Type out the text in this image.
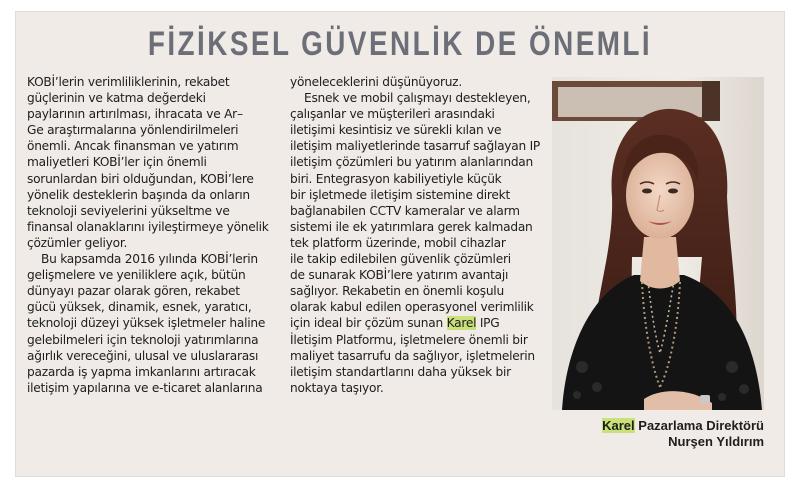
FİZİKSEL GÜVENLİK DE ÖNEMLİ
KOBİ’lerin verimliliklerinin, rekabet
güçlerinin ve katma değerdeki
paylarının artırılması, ihracata ve Ar–
Ge araştırmalarına yönlendirilmeleri
önemli. Ancak finansman ve yatırım
maliyetleri KOBİ’ler için önemli
sorunlardan biri olduğundan, KOBİ’lere
yönelik desteklerin başında da onların
teknoloji seviyelerini yükseltme ve
finansal olanaklarını iyileştirmeye yönelik
çözümler geliyor.
Bu kapsamda 2016 yılında KOBİ’lerin
gelişmelere ve yeniliklere açık, bütün
dünyayı pazar olarak gören, rekabet
gücü yüksek, dinamik, esnek, yaratıcı,
teknoloji düzeyi yüksek işletmeler haline
gelebilmeleri için teknoloji yatırımlarına
ağırlık vereceğini, ulusal ve uluslararası
pazarda iş yapma imkanlarını artıracak
iletişim yapılarına ve e-ticaret alanlarına
yöneleceklerini düşünüyoruz.
Esnek ve mobil çalışmayı destekleyen,
çalışanlar ve müşterileri arasındaki
iletişimi kesintisiz ve sürekli kılan ve
iletişim maliyetlerinde tasarruf sağlayan IP
iletişim çözümleri bu yatırım alanlarından
biri. Entegrasyon kabiliyetiyle küçük
bir işletmede iletişim sistemine direkt
bağlanabilen CCTV kameralar ve alarm
sistemi ile ek yatırımlara gerek kalmadan
tek platform üzerinde, mobil cihazlar
ile takip edilebilen güvenlik çözümleri
de sunarak KOBİ’lere yatırım avantajı
sağlıyor. Rekabetin en önemli koşulu
olarak kabul edilen operasyonel verimlilik
için ideal bir çözüm sunan Karel IPG
İletişim Platformu, işletmelere önemli bir
maliyet tasarrufu da sağlıyor, işletmelerin
iletişim standartlarını daha yüksek bir
noktaya taşıyor.
Karel Pazarlama Direktörü
Nurşen Yıldırım
